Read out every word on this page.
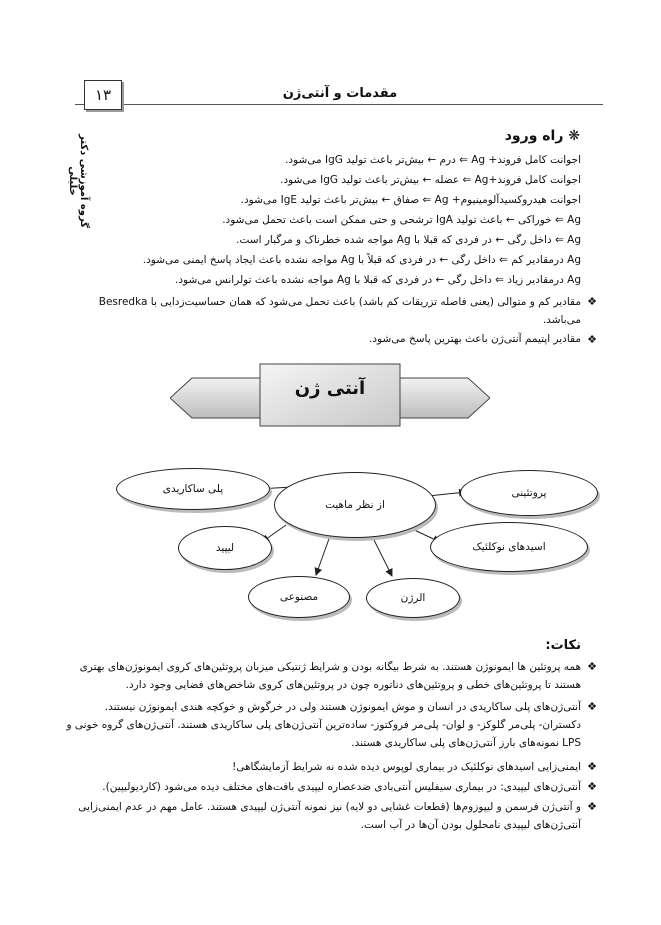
مقدمات و آنتی‌ژن
۱۳
گروه آموزشی دکتر خلیلی
❋ راه ورود
اجوانت کامل فروند+ Ag ⇐ درم ← بیش‌تر باعث تولید IgG می‌شود.
اجوانت کامل فروند+Ag ⇐ عضله ← بیش‌تر باعث تولید IgG می‌شود.
اجوانت هیدروکسیدآلومینیوم+ Ag ⇐ صفاق ← بیش‌تر باعث تولید IgE می‌شود.
Ag ⇐ خوراکی ← باعث تولید IgA ترشحی و حتی ممکن است باعث تحمل می‌شود.
Ag ⇐ داخل رگی ← در فردی که قبلا با Ag مواجه شده خطرناک و مرگبار است.
Ag درمقادیر کم ⇐ داخل رگی ← در فردی که قبلاً با Ag مواجه نشده باعث ایجاد پاسخ ایمنی می‌شود.
Ag درمقادیر زیاد ⇐ داخل رگی ← در فردی که قبلا با Ag مواجه نشده باعث تولرانس می‌شود.
❖
مقادیر کم و متوالی (یعنی فاصله تزریقات کم باشد) باعث تحمل می‌شود که همان حساسیت‌زدایی با Besredka می‌باشد.
❖
مقادیر اپتیمم آنتی‌ژن باعث بهترین پاسخ می‌شود.
آنتی ژن
از نظر ماهیت
پلی ساکاریدی	پروتئینی
لیپید	اسیدهای نوکلئیک
مصنوعی	الرژن
نکات:
❖
همه پروتئین ها ایمونوژن هستند. به شرط بیگانه بودن و شرایط ژنتیکی میزبان پروتئین‌های کروی ایمونوژن‌های بهتری هستند تا پروتئین‌های خطی و پروتئین‌های دناتوره چون در پروتئین‌های کروی شاخص‌های فضایی وجود دارد.
❖
آنتی‌ژن‌های پلی ساکاریدی در انسان و موش ایمونوژن هستند ولی در خرگوش و خوکچه هندی ایمونوژن نیستند. دکستران- پلی‌مر گلوکز- و لوان- پلی‌مر فروکتوز- ساده‌ترین آنتی‌ژن‌های پلی ساکاریدی هستند. آنتی‌ژن‌های گروه خونی و LPS نمونه‌های بارز آنتی‌ژن‌های پلی ساکاریدی هستند.
❖
ایمنی‌زایی اسیدهای نوکلئیک در بیماری لوپوس دیده شده نه شرایط آزمایشگاهی!
❖
آنتی‌ژن‌های لیپیدی: در بیماری سیفلیس آنتی‌بادی ضدعصاره لیپیدی بافت‌های مختلف دیده می‌شود (کاردیولیپین).
❖
و آنتی‌ژن فرسمن و لیپوزوم‌ها (قطعات غشایی دو لایه) نیز نمونه آنتی‌ژن لیپیدی هستند. عامل مهم در عدم ایمنی‌زایی آنتی‌ژن‌های لیپیدی نامحلول بودن آن‌ها در آب است.
